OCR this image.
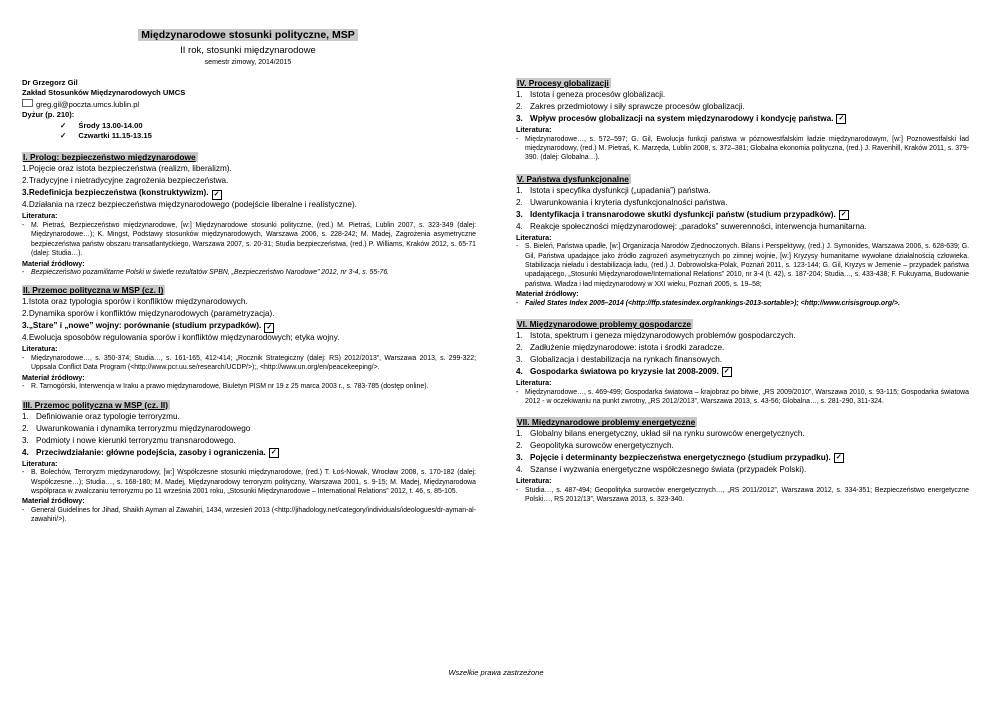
Międzynarodowe stosunki polityczne, MSP
II rok, stosunki międzynarodowe
semestr zimowy, 2014/2015
Dr Grzegorz Gil
Zakład Stosunków Międzynarodowych UMCS
greg.gil@poczta.umcs.lublin.pl
Dyżur (p. 210):
✓ Środy 13.00-14.00
✓ Czwartki 11.15-13.15
I. Prolog: bezpieczeństwo międzynarodowe
1.Pojęcie oraz istota bezpieczeństwa (realizm, liberalizm).
2.Tradycyjne i nietradycyjne zagrożenia bezpieczeństwa.
3.Redefinicja bezpieczeństwa (konstruktywizm). ✓
4.Działania na rzecz bezpieczeństwa międzynarodowego (podejście liberalne i realistyczne).
Literatura:
- M. Pietraś, Bezpieczeństwo międzynarodowe, [w:] Międzynarodowe stosunki polityczne, (red.) M. Pietraś, Lublin 2007, s. 323-349 (dalej: Międzynarodowe…); K. Mingst, Podstawy stosunków międzynarodowych, Warszawa 2006, s. 228-242; M. Madej, Zagrożenia asymetryczne bezpieczeństwa państw obszaru transatlantyckiego, Warszawa 2007, s. 20-31; Studia bezpieczeństwa, (red.) P. Williams, Kraków 2012, s. 65-71 (dalej: Studia…).
Materiał źródłowy:
- Bezpieczeństwo pozamilitarne Polski w świetle rezultatów SPBN, „Bezpieczeństwo Narodowe” 2012, nr 3-4, s. 55-76.
II. Przemoc polityczna w MSP (cz. I)
1.Istota oraz typologia sporów i konfliktów międzynarodowych.
2.Dynamika sporów i konfliktów międzynarodowych (parametryzacja).
3.„Stare” i „nowe” wojny: porównanie (studium przypadków). ✓
4.Ewolucja sposobów regulowania sporów i konfliktów międzynarodowych; etyka wojny.
Literatura:
- Międzynarodowe…, s. 350-374; Studia…, s. 161-165, 412-414; „Rocznik Strategiczny (dalej: RS) 2012/2013”, Warszawa 2013, s. 299-322; Uppsala Conflict Data Program (<http://www.pcr.uu.se/research/UCDP/>);, <http://www.un.org/en/peacekeeping/>.
Materiał źródłowy:
- R. Tarnogórski, Interwencja w Iraku a prawo międzynarodowe, Biuletyn PISM nr 19 z 25 marca 2003 r., s. 783-785 (dostęp online).
III. Przemoc polityczna w MSP (cz. II)
1. Definiowanie oraz typologie terroryzmu.
2. Uwarunkowania i dynamika terroryzmu międzynarodowego
3. Podmioty i nowe kierunki terroryzmu transnarodowego.
4. Przeciwdziałanie: główne podejścia, zasoby i ograniczenia. ✓
Literatura:
- B. Bolechów, Terroryzm międzynarodowy, [w:] Współczesne stosunki międzynarodowe, (red.) T. Łoś-Nowak, Wrocław 2008, s. 170-182 (dalej: Współczesne…); Studia…, s. 168-180; M. Madej, Międzynarodowy terroryzm polityczny, Warszawa 2001, s. 9-15; M. Madej, Międzynarodowa współpraca w zwalczaniu terroryzmu po 11 września 2001 roku, „Stosunki Międzynarodowe – International Relations” 2012, t. 46, s. 85-105.
Materiał źródłowy:
- General Guidelines for Jihad, Shaikh Ayman al Zawahiri, 1434, wrzesień 2013 (<http://jihadology.net/category/individuals/ideologues/dr-ayman-al-zawahiri/>).
IV. Procesy globalizacji
1. Istota i geneza procesów globalizacji.
2. Zakres przedmiotowy i siły sprawcze procesów globalizacji.
3. Wpływ procesów globalizacji na system międzynarodowy i kondycję państwa. ✓
Literatura:
- Międzynarodowe…, s. 572–597; G. Gil, Ewolucja funkcji państwa w póznowestfalskim ładzie międzynarodowym, [w:] Poznowestfalski ład międzynarodowy, (red.) M. Pietraś, K. Marzęda, Lublin 2008, s. 372–381; Globalna ekonomia polityczna, (red.) J. Ravenhill, Kraków 2011, s. 379-390. (dalej: Globalna…).
V. Państwa dysfunkcjonalne
1. Istota i specyfika dysfunkcji („upadania”) państwa.
2. Uwarunkowania i kryteria dysfunkcjonalności państwa.
3. Identyfikacja i transnarodowe skutki dysfunkcji państw (studium przypadków). ✓
4. Reakcje społeczności międzynarodowej: „paradoks” suwerenności, interwencja humanitarna.
Literatura:
- S. Bieleń, Państwa upadłe, [w:] Organizacja Narodów Zjednoczonych. Bilans i Perspektywy, (red.) J. Symonides, Warszawa 2006, s. 628-639; G. Gil, Państwa upadające jako źródło zagrożeń asymetrycznych po zimnej wojnie, [w:] Kryzysy humanitarne wywołane działalnością człowieka. Stabilizacja nieładu i destabilizacja ładu, (red.) J. Dobrowolska-Polak, Poznań 2011, s. 123-144; G. Gil, Kryzys w Jemenie – przypadek państwa upadającego, „Stosunki Międzynarodowe/International Relations” 2010, nr 3-4 (t. 42), s. 187-204; Studia…, s. 433-438; F. Fukuyama, Budowanie państwa. Władza i ład międzynarodowy w XXI wieku, Poznań 2005, s. 19–58;
Materiał źródłowy:
- Failed States Index 2005–2014 (<http://ffp.statesindex.org/rankings-2013-sortable>); <http://www.crisisgroup.org/>.
VI. Międzynarodowe problemy gospodarcze
1. Istota, spektrum i geneza międzynarodowych problemów gospodarczych.
2. Zadłużenie międzynarodowe: istota i środki zaradcze.
3. Globalizacja i destabilizacja na rynkach finansowych.
4. Gospodarka światowa po kryzysie lat 2008-2009. ✓
Literatura:
- Międzynarodowe…, s. 469-499; Gospodarka światowa – krajobraz po bitwie, „RS 2009/2010”, Warszawa 2010, s. 93-115; Gospodarka światowa 2012 - w oczekiwaniu na punkt zwrotny, „RS 2012/2013”, Warszawa 2013, s. 43-56; Globalna…, s. 281-290, 311-324.
VII. Międzynarodowe problemy energetyczne
1. Globalny bilans energetyczny, układ sił na rynku surowców energetycznych.
2. Geopolityka surowców energetycznych.
3. Pojęcie i determinanty bezpieczeństwa energetycznego (studium przypadku). ✓
4. Szanse i wyzwania energetyczne współczesnego świata (przypadek Polski).
Literatura:
- Studia…, s. 487-494; Geopolityka surowców energetycznych…, „RS 2011/2012”, Warszawa 2012, s. 334-351; Bezpieczeństwo energetyczne Polski…, RS 2012/13”, Warszawa 2013, s. 323-340.
Wszelkie prawa zastrzeżone
